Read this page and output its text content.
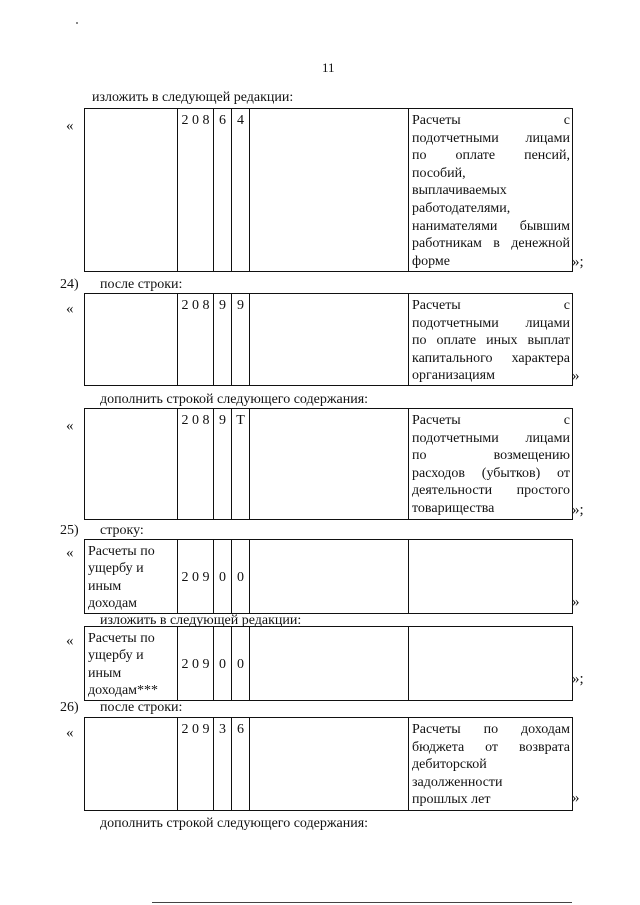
11
изложить в следующей редакции:
«
		2 0 8	6	4		Расчеты с
подотчетными лицами
по оплате пенсий,
пособий,
выплачиваемых
работодателями,
нанимателями бывшим
работникам в денежной
форме	»;
24) после строки:
«
		2 0 8	9	9		Расчеты с
подотчетными лицами
по оплате иных выплат
капитального характера
организациям	»
дополнить строкой следующего содержания:
«
		2 0 8	9	T		Расчеты с
подотчетными лицами
по возмещению
расходов (убытков) от
деятельности простого
товарищества	»;
25) строку:
« Расчеты по
ущербу и
иным
доходам
	2 0 9	0	0		
»
изложить в следующей редакции:
« Расчеты по
ущербу и
иным
доходам***
	2 0 9	0	0		
»;
26) после строки:
«
		2 0 9	3	6		Расчеты по доходам
бюджета от возврата
дебиторской
задолженности
прошлых лет	»
дополнить строкой следующего содержания:
